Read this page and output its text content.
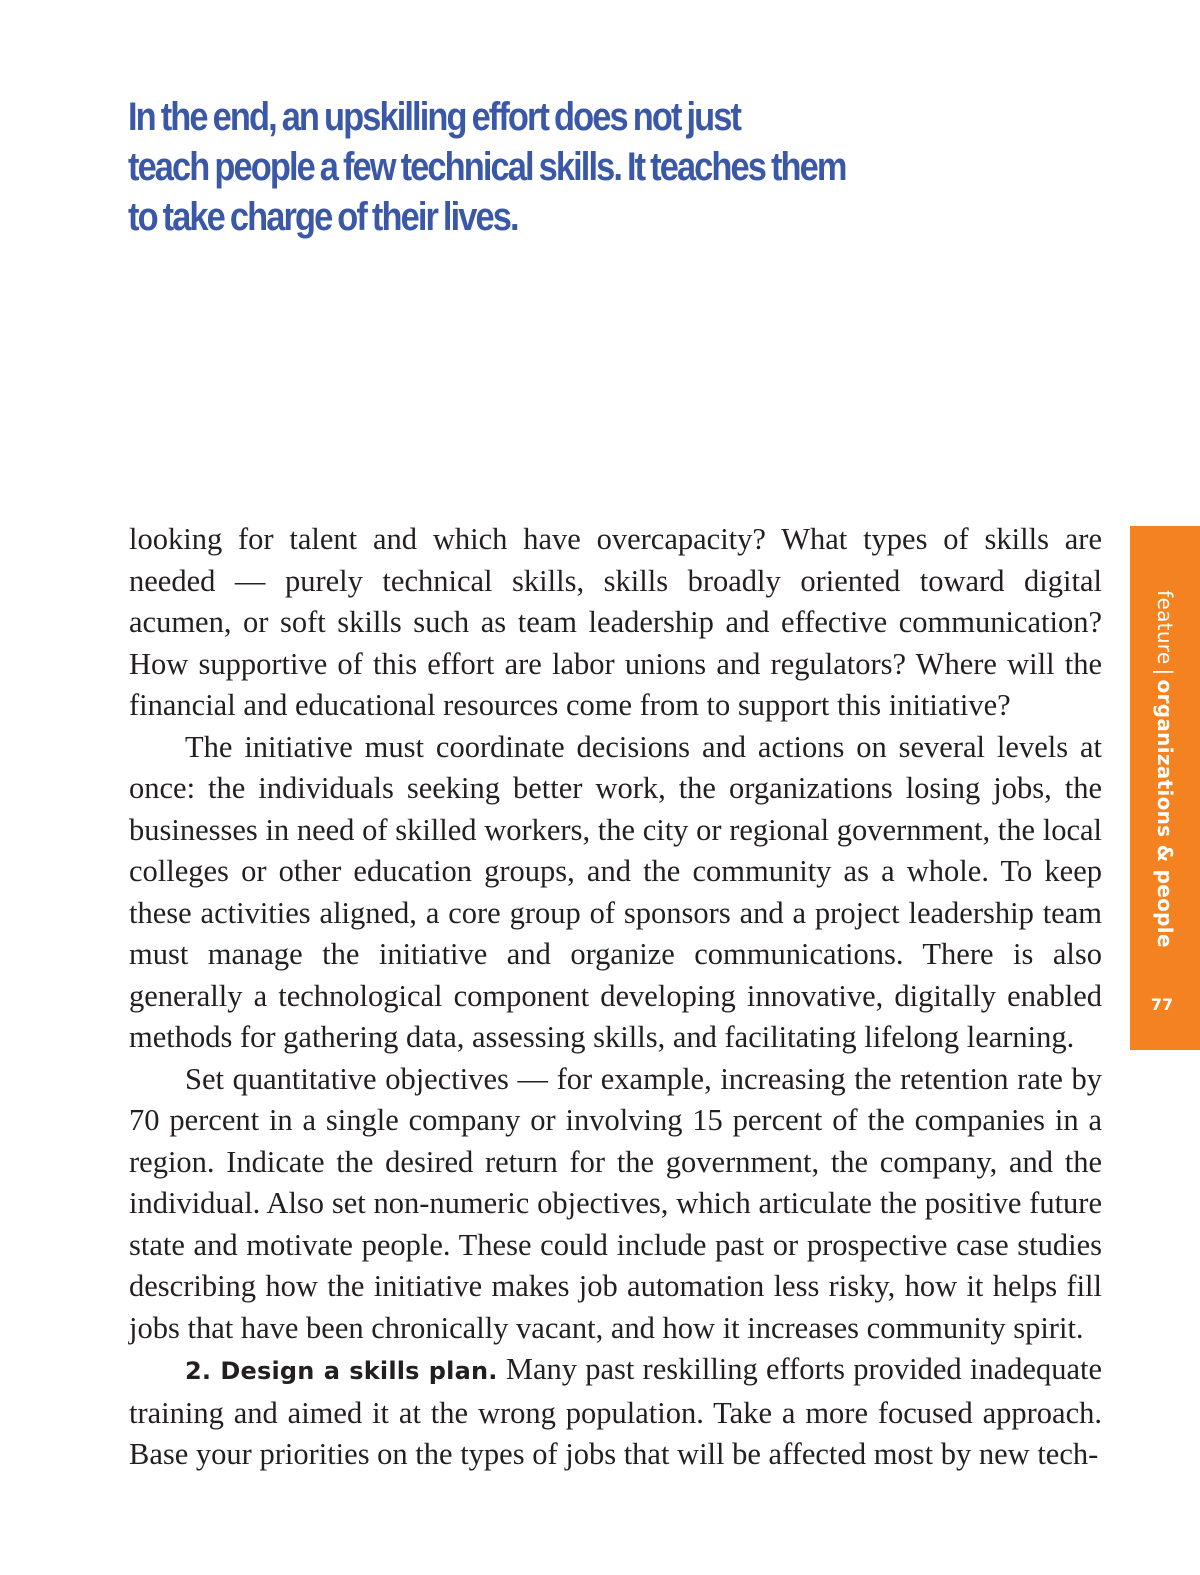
In the end, an upskilling effort does not just
teach people a few technical skills. It teaches them
to take charge of their lives.

looking for talent and which have overcapacity? What types of skills are needed — purely technical skills, skills broadly oriented toward digital acumen, or soft skills such as team leadership and effective communication? How supportive of this effort are labor unions and regulators? Where will the financial and educational resources come from to support this initiative?

The initiative must coordinate decisions and actions on several levels at once: the individuals seeking better work, the organizations losing jobs, the businesses in need of skilled workers, the city or regional government, the local colleges or other education groups, and the community as a whole. To keep these activities aligned, a core group of sponsors and a project leadership team must manage the initiative and organize communications. There is also generally a technological component developing innovative, digitally enabled methods for gathering data, assessing skills, and facilitating lifelong learning.

Set quantitative objectives — for example, increasing the retention rate by 70 percent in a single company or involving 15 percent of the companies in a region. Indicate the desired return for the government, the company, and the individual. Also set non-numeric objectives, which articulate the positive future state and motivate people. These could include past or prospective case studies describing how the initiative makes job automation less risky, how it helps fill jobs that have been chronically vacant, and how it increases community spirit.

2. Design a skills plan. Many past reskilling efforts provided inadequate training and aimed it at the wrong population. Take a more focused approach. Base your priorities on the types of jobs that will be affected most by new tech-

feature|organizations & people
77
